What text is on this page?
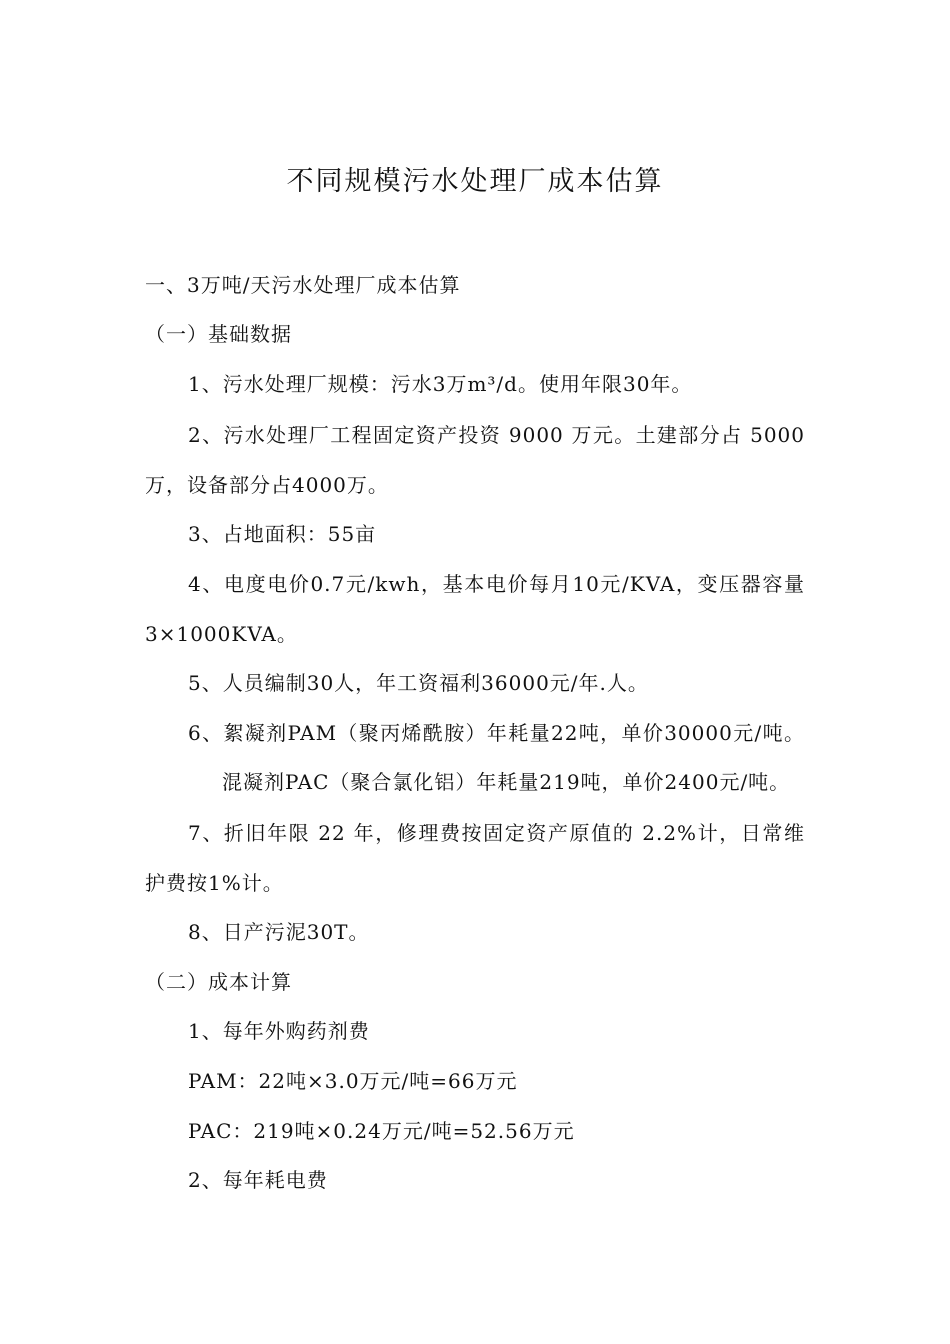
不同规模污水处理厂成本估算
一、3万吨/天污水处理厂成本估算
（一）基础数据
1、污水处理厂规模：污水3万m³/d。使用年限30年。
2、污水处理厂工程固定资产投资 9000 万元。土建部分占 5000
万，设备部分占4000万。
3、占地面积：55亩
4、电度电价0.7元/kwh，基本电价每月10元/KVA，变压器容量
3×1000KVA。
5、人员编制30人，年工资福利36000元/年.人。
6、絮凝剂PAM（聚丙烯酰胺）年耗量22吨，单价30000元/吨。
混凝剂PAC（聚合氯化铝）年耗量219吨，单价2400元/吨。
7、折旧年限 22 年，修理费按固定资产原值的 2.2%计，日常维
护费按1%计。
8、日产污泥30T。
（二）成本计算
1、每年外购药剂费
PAM：22吨×3.0万元/吨=66万元
PAC：219吨×0.24万元/吨=52.56万元
2、每年耗电费
